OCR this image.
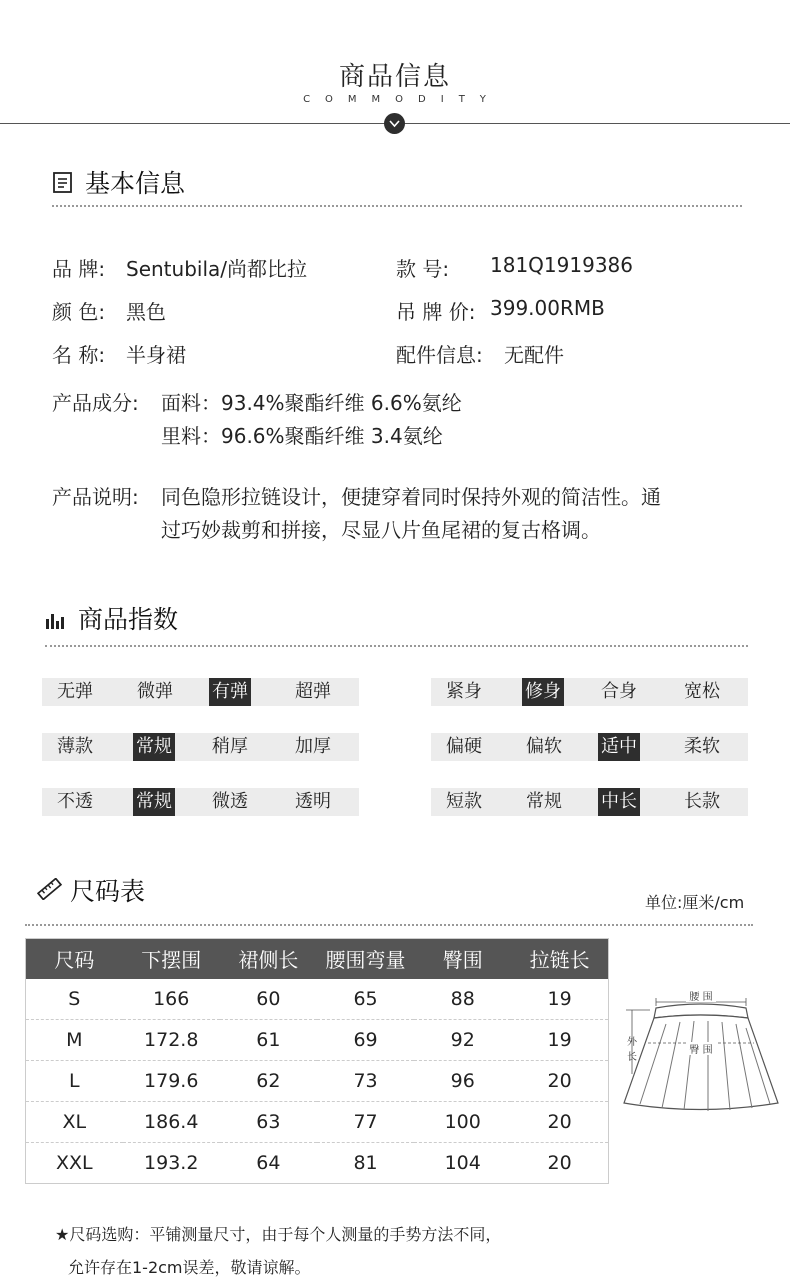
商品信息
COMMODITY
基本信息
品 牌: Sentubila/尚都比拉	款 号: 181Q1919386
颜 色: 黑色	吊 牌 价: 399.00RMB
名 称: 半身裙	配件信息: 无配件
产品成分: 面料：93.4%聚酯纤维 6.6%氨纶
里料：96.6%聚酯纤维 3.4氨纶
产品说明: 同色隐形拉链设计，便捷穿着同时保持外观的简洁性。通
过巧妙裁剪和拼接，尽显八片鱼尾裙的复古格调。
商品指数
无弹 微弹 有弹	超弹	紧身 修身 合身	宽松
薄款 常规 稍厚	加厚	偏硬 偏软 适中	柔软
不透 常规 微透	透明	短款 常规 中长	长款
尺码表	单位:厘米/cm
尺码	下摆围	裙侧长	腰围弯量	臀围	拉链长
S	166	60	65	88	19
M	172.8	61	69	92	19
L	179.6	62	73	96	20
XL	186.4	63	77	100	20
XXL	193.2	64	81	104	20
腰 围
臀 围
外
长
★尺码选购：平铺测量尺寸，由于每个人测量的手势方法不同，
允许存在1-2cm误差，敬请谅解。
